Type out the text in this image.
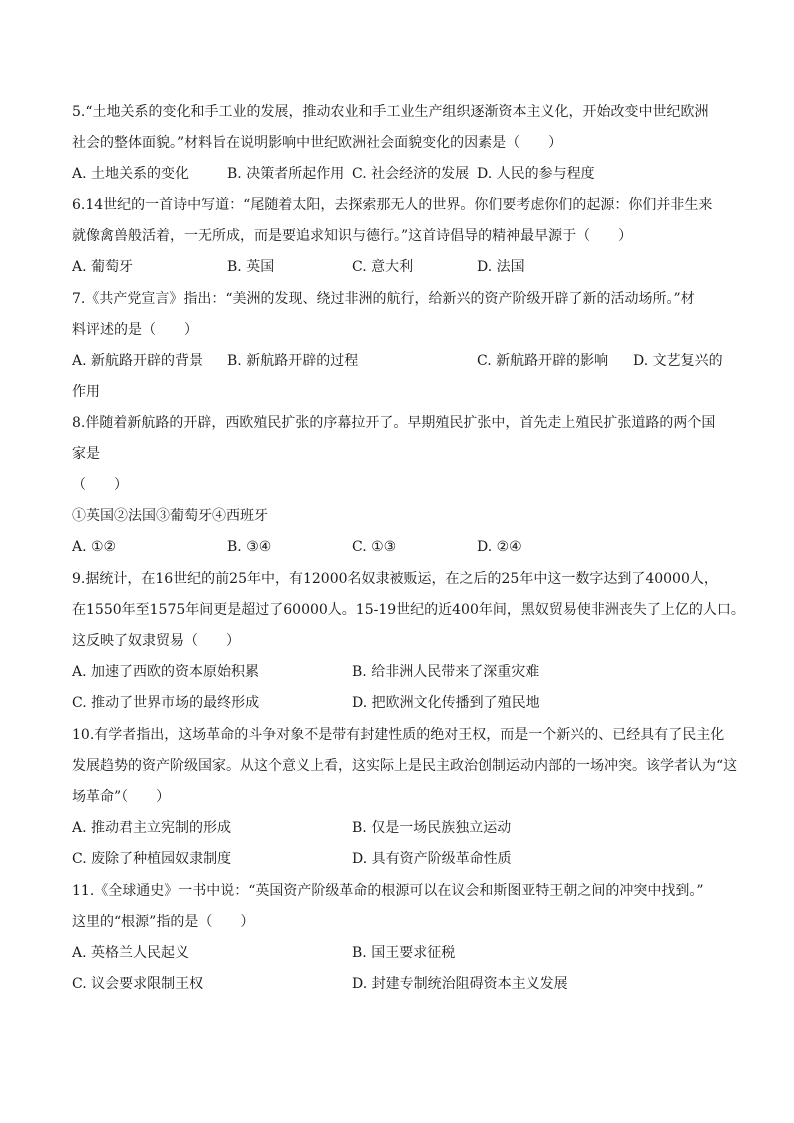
5.“土地关系的变化和手工业的发展，推动农业和手工业生产组织逐渐资本主义化，开始改变中世纪欧洲
社会的整体面貌。”材料旨在说明影响中世纪欧洲社会面貌变化的因素是（　　）
A. 土地关系的变化	B. 决策者所起作用 C. 社会经济的发展 D. 人民的参与程度
6.14世纪的一首诗中写道：“尾随着太阳，去探索那无人的世界。你们要考虑你们的起源：你们并非生来
就像禽兽般活着，一无所成，而是要追求知识与德行。”这首诗倡导的精神最早源于（　　）
A. 葡萄牙	B. 英国	C. 意大利	D. 法国
7.《共产党宣言》指出：“美洲的发现、绕过非洲的航行，给新兴的资产阶级开辟了新的活动场所。”材
料评述的是（　　）
A. 新航路开辟的背景 B. 新航路开辟的过程	C. 新航路开辟的影响 D. 文艺复兴的
作用
8.伴随着新航路的开辟，西欧殖民扩张的序幕拉开了。早期殖民扩张中，首先走上殖民扩张道路的两个国
家是
（　　）
①英国②法国③葡萄牙④西班牙
A. ①②	B. ③④	C. ①③	D. ②④
9.据统计，在16世纪的前25年中，有12000名奴隶被贩运，在之后的25年中这一数字达到了40000人，
在1550年至1575年间更是超过了60000人。15-19世纪的近400年间，黑奴贸易使非洲丧失了上亿的人口。
这反映了奴隶贸易（　　）
A. 加速了西欧的资本原始积累	B. 给非洲人民带来了深重灾难
C. 推动了世界市场的最终形成	D. 把欧洲文化传播到了殖民地
10.有学者指出，这场革命的斗争对象不是带有封建性质的绝对王权，而是一个新兴的、已经具有了民主化
发展趋势的资产阶级国家。从这个意义上看，这实际上是民主政治创制运动内部的一场冲突。该学者认为“这
场革命”（　　）
A. 推动君主立宪制的形成	B. 仅是一场民族独立运动
C. 废除了种植园奴隶制度	D. 具有资产阶级革命性质
11.《全球通史》一书中说：“英国资产阶级革命的根源可以在议会和斯图亚特王朝之间的冲突中找到。”
这里的“根源”指的是（　　）
A. 英格兰人民起义	B. 国王要求征税
C. 议会要求限制王权	D. 封建专制统治阻碍资本主义发展
